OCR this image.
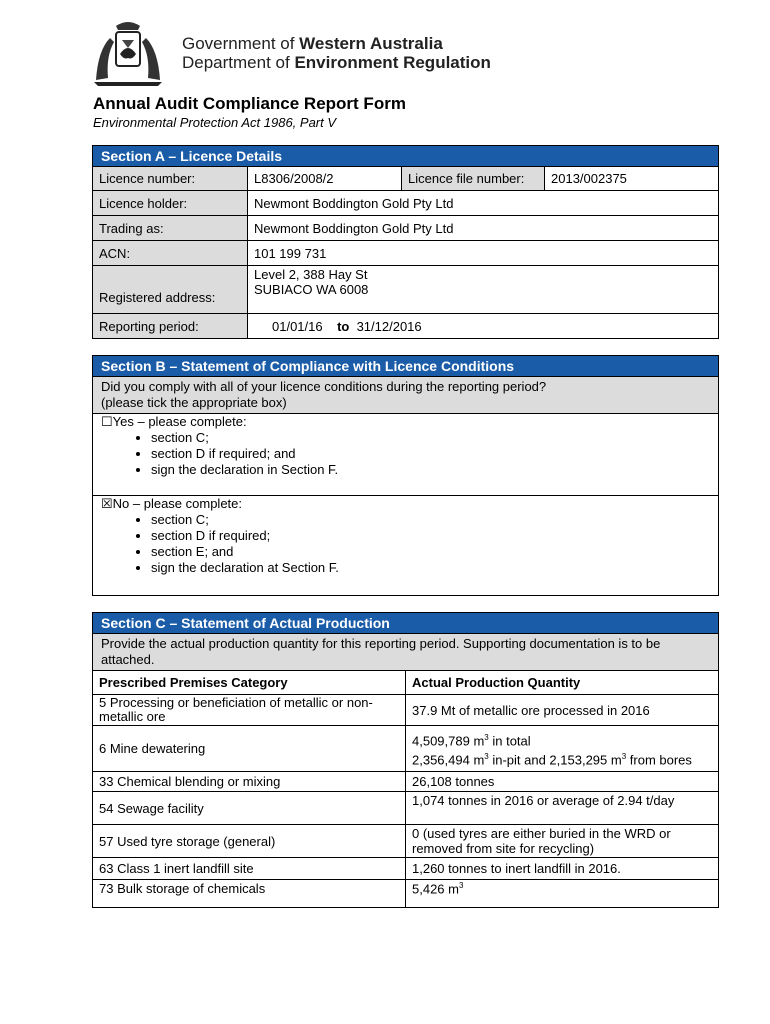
Government of Western Australia
Department of Environment Regulation
Annual Audit Compliance Report Form
Environmental Protection Act 1986, Part V
Section A – Licence Details			
Licence number:	L8306/2008/2	Licence file number:	2013/002375
Licence holder:	Newmont Boddington Gold Pty Ltd		
Trading as:	Newmont Boddington Gold Pty Ltd		
ACN:	101 199 731		
Registered address:	Level 2, 388 Hay St
SUBIACO WA 6008		

Reporting period:	01/01/16 to 31/12/2016		
Section B – Statement of Compliance with Licence Conditions

Did you comply with all of your licence conditions during the reporting period?
(please tick the appropriate box)

☐Yes – please complete:
• section C;
• section D if required; and
• sign the declaration in Section F.

☒No – please complete:
• section C;
• section D if required;
• section E; and
• sign the declaration at Section F.
Section C – Statement of Actual Production	
Provide the actual production quantity for this reporting period. Supporting documentation is to be attached.	
Prescribed Premises Category	Actual Production Quantity
5 Processing or beneficiation of metallic or non-metallic ore	37.9 Mt of metallic ore processed in 2016
6 Mine dewatering	4,509,789 $m^3$ in total
2,356,494 $m^3$ in-pit and 2,153,295 $m^3$ from bores

33 Chemical blending or mixing	26,108 tonnes
54 Sewage facility	1,074 tonnes in 2016 or average of 2.94 t/day
57 Used tyre storage (general)	0 (used tyres are either buried in the WRD or removed from site for recycling)
63 Class 1 inert landfill site	1,260 tonnes to inert landfill in 2016.
73 Bulk storage of chemicals	5,426 $m^3$
